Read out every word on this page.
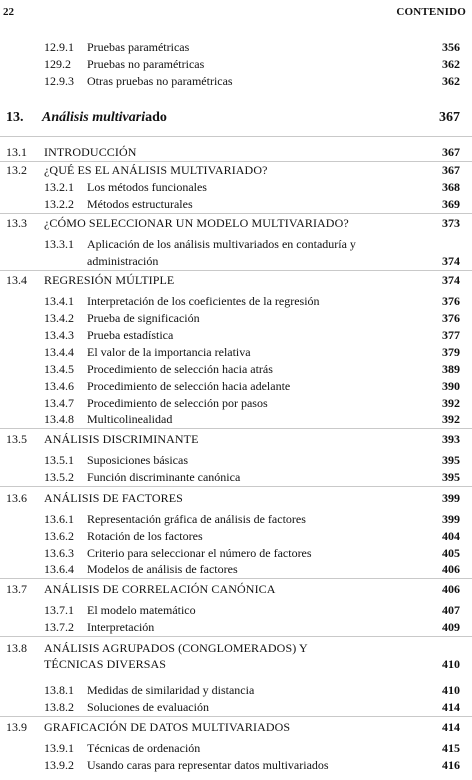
22	CONTENIDO
12.9.1 Pruebas paramétricas	356
129.2 Pruebas no paramétricas	362
12.9.3 Otras pruebas no paramétricas	362
13. Análisis multivariado	367
13.1 INTRODUCCIÓN	367
13.2 ¿QUÉ ES EL ANÁLISIS MULTIVARIADO?	367
13.2.1 Los métodos funcionales	368
13.2.2 Métodos estructurales	369
13.3 ¿CÓMO SELECCIONAR UN MODELO MULTIVARIADO?	373
13.3.1 Aplicación de los análisis multivariados en contaduría y
administración	374
13.4 REGRESIÓN MÚLTIPLE	374
13.4.1 Interpretación de los coeficientes de la regresión	376
13.4.2 Prueba de significación	376
13.4.3 Prueba estadística	377
13.4.4 El valor de la importancia relativa	379
13.4.5 Procedimiento de selección hacia atrás	389
13.4.6 Procedimiento de selección hacia adelante	390
13.4.7 Procedimiento de selección por pasos	392
13.4.8 Multicolinealidad	392
13.5 ANÁLISIS DISCRIMINANTE	393
13.5.1 Suposiciones básicas	395
13.5.2 Función discriminante canónica	395
13.6 ANÁLISIS DE FACTORES	399
13.6.1 Representación gráfica de análisis de factores	399
13.6.2 Rotación de los factores	404
13.6.3 Criterio para seleccionar el número de factores	405
13.6.4 Modelos de análisis de factores	406
13.7 ANÁLISIS DE CORRELACIÓN CANÓNICA	406
13.7.1 El modelo matemático	407
13.7.2 Interpretación	409
13.8 ANÁLISIS AGRUPADOS (CONGLOMERADOS) Y
TÉCNICAS DIVERSAS	410
13.8.1 Medidas de similaridad y distancia	410
13.8.2 Soluciones de evaluación	414
13.9 GRAFICACIÓN DE DATOS MULTIVARIADOS	414
13.9.1 Técnicas de ordenación	415
13.9.2 Usando caras para representar datos multivariados	416
